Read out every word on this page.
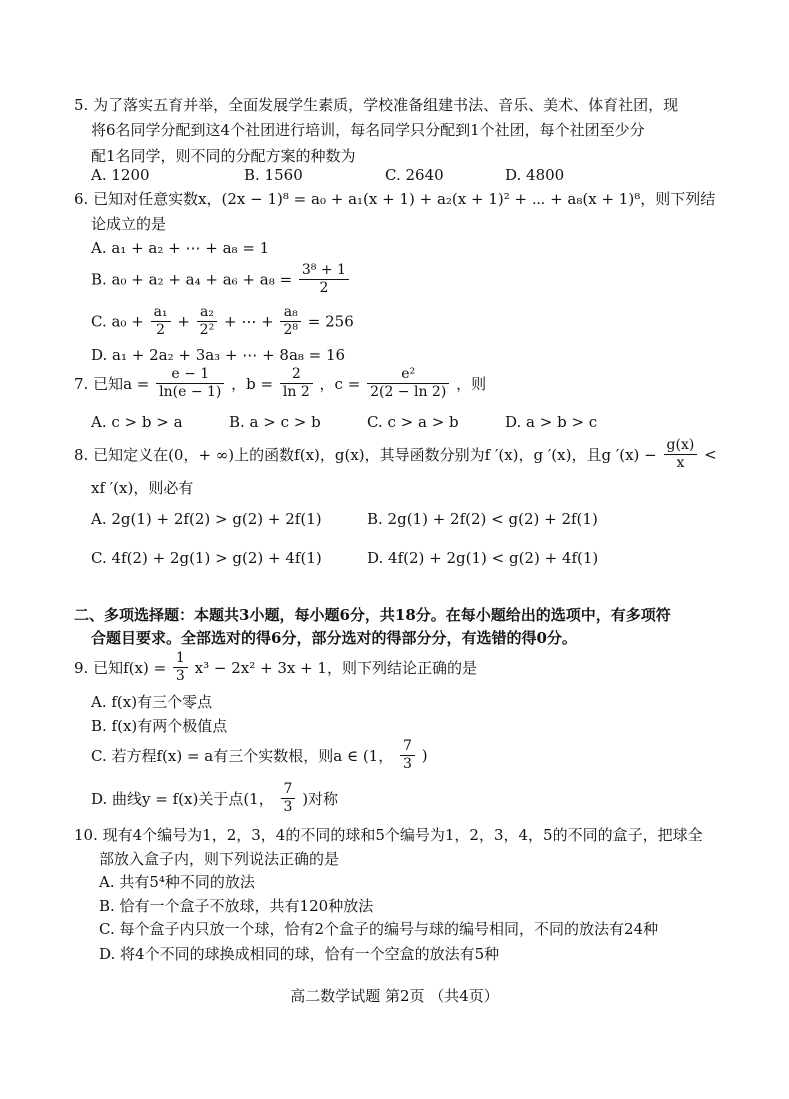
5. 为了落实五育并举，全面发展学生素质，学校准备组建书法、音乐、美术、体育社团，现
将6名同学分配到这4个社团进行培训，每名同学只分配到1个社团，每个社团至少分
配1名同学，则不同的分配方案的种数为
A. 1200	B. 1560	C. 2640	D. 4800
6. 已知对任意实数x，(2x − 1)⁸ = a₀ + a₁(x + 1) + a₂(x + 1)² + ⋯ + a₈(x + 1)⁸，则下列结
论成立的是
A. a₁ + a₂ + ⋯ + a₈ = 1
B. $a_0 + a_2 + a_4 + a_6 + a_8 = \frac{\text{3⁸ + 1}}{2}$
C. $a_0 + \frac{\text{a₁}}{2} + \frac{\text{a₂}}{\text{2²}}$ + ⋯ + $\frac{\text{a₈}}{\text{2⁸}} = 256$
D. a₁ + 2a₂ + 3a₃ + ⋯ + 8a₈ = 16
7. 已知$a = \frac{e - 1}{\ln(e - 1)}$ ，$b = \frac{2}{\ln 2}$ ，$c = \frac{\text{e²}}{2(2 - \ln 2)}$ ，则
A. c > b > a	B. a > c > b	C. c > a > b	D. a > b > c
8. 已知定义在(0，+ ∞)上的函数f(x)，g(x)，其导函数分别为f ′(x)，g ′(x)，且g $'(x) - \frac{g(x)}{x}$ <
xf ′(x)，则必有
A. 2g(1) + 2f(2) > g(2) + 2f(1)	B. 2g(1) + 2f(2) < g(2) + 2f(1)
C. 4f(2) + 2g(1) > g(2) + 4f(1)	D. 4f(2) + 2g(1) < g(2) + 4f(1)
二、多项选择题：本题共3小题，每小题6分，共18分。在每小题给出的选项中，有多项符
合题目要求。全部选对的得6分，部分选对的得部分分，有选错的得0分。
9. 已知$f(x) = \frac{1}{3} x^3 - 2x^2 + 3x + 1$，则下列结论正确的是
A. f(x)有三个零点
B. f(x)有两个极值点
C. 若方程f(x) = a有三个实数根，则a ∈ (1， $\frac{7}{3}$ )
D. 曲线y = f(x)关于点(1， $\frac{7}{3}$ )对称
10. 现有4个编号为1，2，3，4的不同的球和5个编号为1，2，3，4，5的不同的盒子，把球全
部放入盒子内，则下列说法正确的是
A. 共有5⁴种不同的放法
B. 恰有一个盒子不放球，共有120种放法
C. 每个盒子内只放一个球，恰有2个盒子的编号与球的编号相同，不同的放法有24种
D. 将4个不同的球换成相同的球，恰有一个空盒的放法有5种
高二数学试题 第2页 （共4页）
